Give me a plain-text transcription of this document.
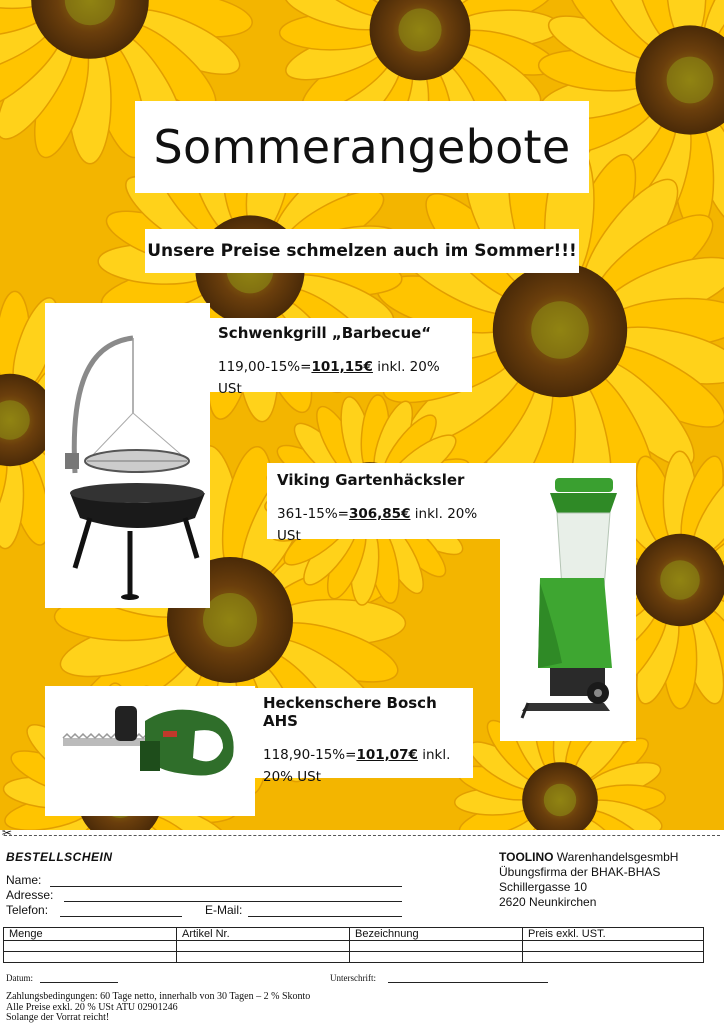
Sommerangebote
Unsere Preise schmelzen auch im Sommer!!!
Schwenkgrill „Barbecue“
119,00-15%=101,15€ inkl. 20% USt
Viking Gartenhäcksler
361-15%=306,85€ inkl. 20% USt
Heckenschere Bosch AHS
118,90-15%=101,07€ inkl. 20% USt
✂
BESTELLSCHEIN
Name:
Adresse:
Telefon:	E-Mail:
TOOLINO WarenhandelsgesmbH
Übungsfirma der BHAK-BHAS
Schillergasse 10
2620 Neunkirchen
Menge	Artikel Nr.	Bezeichnung	Preis exkl. UST.

Datum:	Unterschrift:
Zahlungsbedingungen: 60 Tage netto, innerhalb von 30 Tagen – 2 % Skonto
Alle Preise exkl. 20 % USt ATU 02901246
Solange der Vorrat reicht!
